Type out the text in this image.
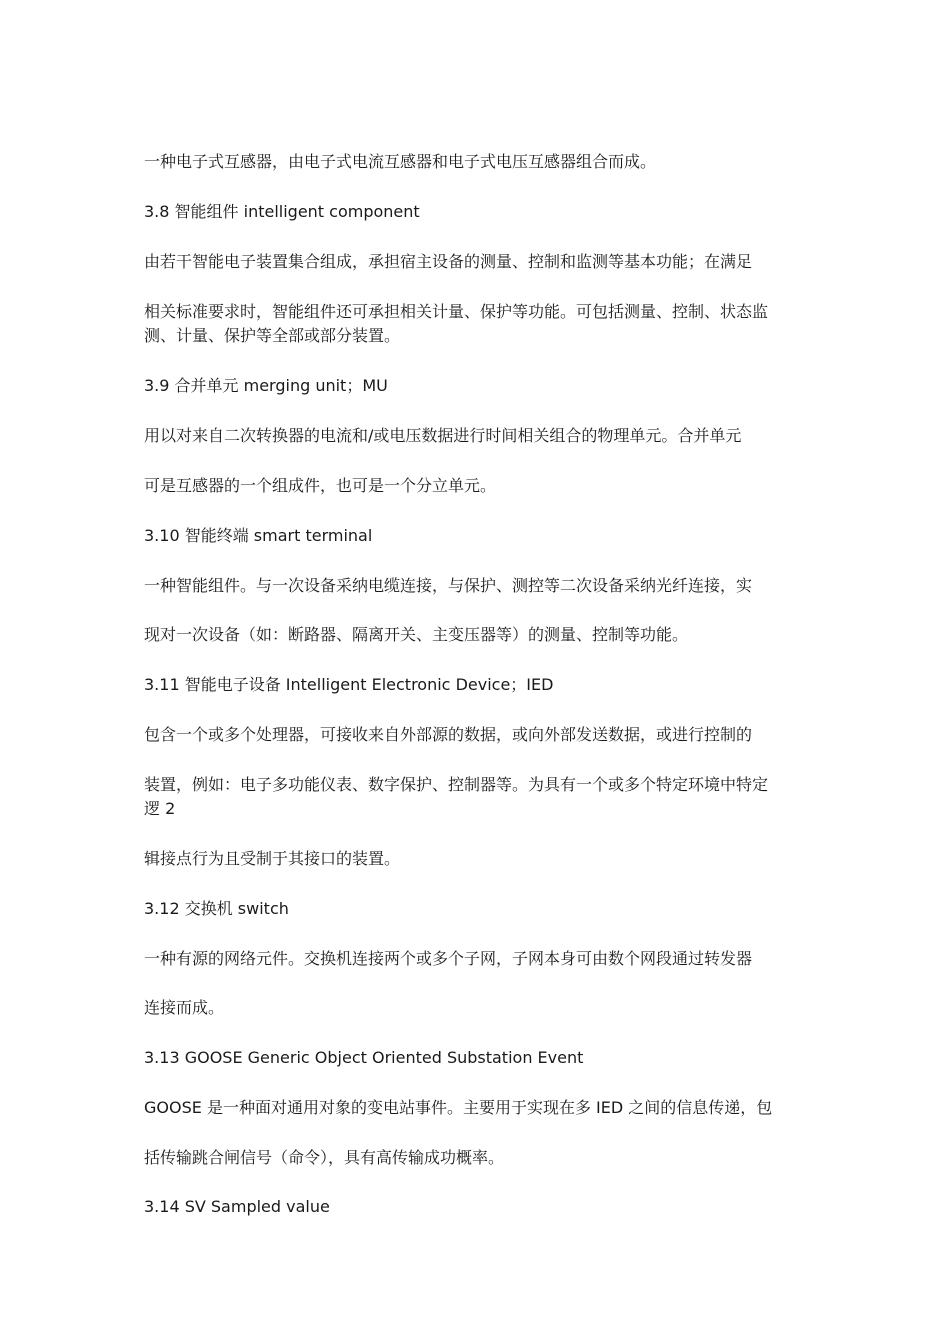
一种电子式互感器，由电子式电流互感器和电子式电压互感器组合而成。
3.8 智能组件 intelligent component
由若干智能电子装置集合组成，承担宿主设备的测量、控制和监测等基本功能；在满足
相关标准要求时，智能组件还可承担相关计量、保护等功能。可包括测量、控制、状态监
测、计量、保护等全部或部分装置。
3.9 合并单元 merging unit；MU
用以对来自二次转换器的电流和/或电压数据进行时间相关组合的物理单元。合并单元
可是互感器的一个组成件，也可是一个分立单元。
3.10 智能终端 smart terminal
一种智能组件。与一次设备采纳电缆连接，与保护、测控等二次设备采纳光纤连接，实
现对一次设备（如：断路器、隔离开关、主变压器等）的测量、控制等功能。
3.11 智能电子设备 Intelligent Electronic Device；IED
包含一个或多个处理器，可接收来自外部源的数据，或向外部发送数据，或进行控制的
装置，例如：电子多功能仪表、数字保护、控制器等。为具有一个或多个特定环境中特定
逻 2
辑接点行为且受制于其接口的装置。
3.12 交换机 switch
一种有源的网络元件。交换机连接两个或多个子网，子网本身可由数个网段通过转发器
连接而成。
3.13 GOOSE Generic Object Oriented Substation Event
GOOSE 是一种面对通用对象的变电站事件。主要用于实现在多 IED 之间的信息传递，包
括传输跳合闸信号（命令），具有高传输成功概率。
3.14 SV Sampled value
